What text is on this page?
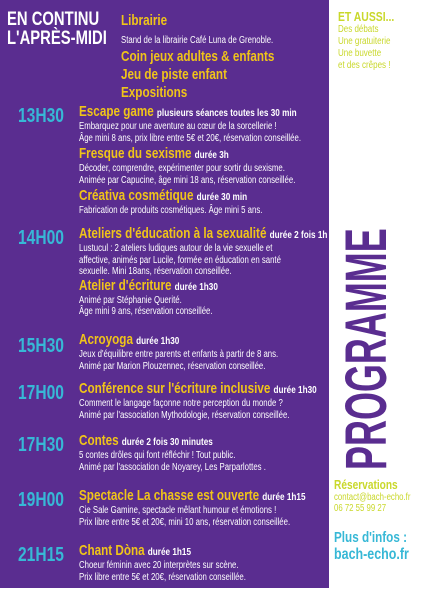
EN CONTINU
L'APRÈS-MIDI
Librairie
Stand de la librairie Café Luna de Grenoble.
Coin jeux adultes & enfants
Jeu de piste enfant
Expositions
13H30 Escape game plusieurs séances toutes les 30 min
Embarquez pour une aventure au cœur de la sorcellerie !
Âge mini 8 ans, prix libre entre 5€ et 20€, réservation conseillée.
Fresque du sexisme durée 3h
Décoder, comprendre, expérimenter pour sortir du sexisme.
Animée par Capucine, âge mini 18 ans, réservation conseillée.
Créativa cosmétique durée 30 min
Fabrication de produits cosmétiques. Âge mini 5 ans.
14H00 Ateliers d'éducation à la sexualité durée 2 fois 1h
Lustucul : 2 ateliers ludiques autour de la vie sexuelle et
affective, animés par Lucile, formée en éducation en santé
sexuelle. Mini 18ans, réservation conseillée.
Atelier d'écriture durée 1h30
Animé par Stéphanie Querité.
Âge mini 9 ans, réservation conseillée.
15H30 Acroyoga durée 1h30
Jeux d'équilibre entre parents et enfants à partir de 8 ans.
Animé par Marion Plouzennec, réservation conseillée.
17H00 Conférence sur l'écriture inclusive durée 1h30
Comment le langage façonne notre perception du monde ?
Animé par l'association Mythodologie, réservation conseillée.
17H30 Contes durée 2 fois 30 minutes
5 contes drôles qui font réfléchir ! Tout public.
Animé par l'association de Noyarey, Les Parparlottes .
19H00 Spectacle La chasse est ouverte durée 1h15
Cie Sale Gamine, spectacle mêlant humour et émotions !
Prix libre entre 5€ et 20€, mini 10 ans, réservation conseillée.
21H15 Chant Dòna durée 1h15
Choeur féminin avec 20 interprètes sur scène.
Prix libre entre 5€ et 20€, réservation conseillée.
ET AUSSI...
Des débats
Une gratuiterie
Une buvette
et des crêpes !
PROGRAMME
Réservations
contact@bach-echo.fr
06 72 55 99 27
Plus d'infos :
bach-echo.fr
